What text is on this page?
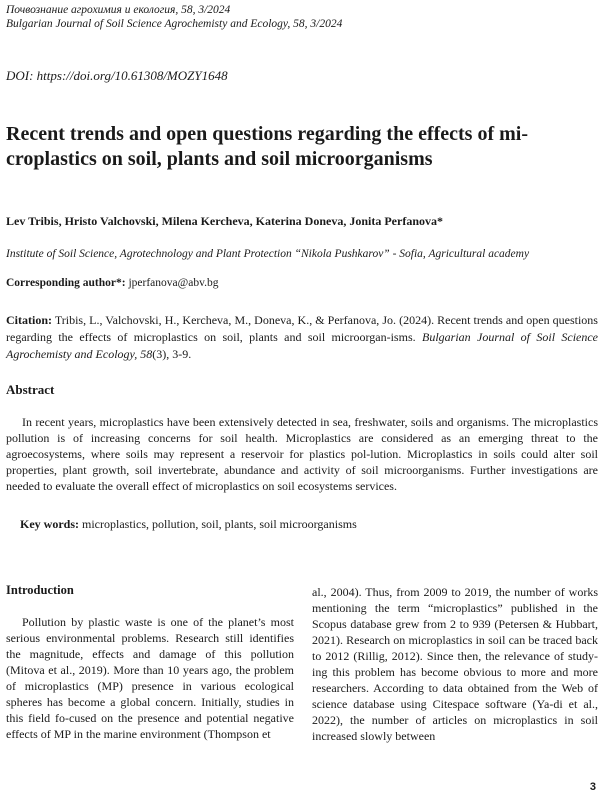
Почвознание агрохимия и екология, 58, 3/2024
Bulgarian Journal of Soil Science Agrochemisty and Ecology, 58, 3/2024
DOI: https://doi.org/10.61308/MOZY1648
Recent trends and open questions regarding the effects of mi-croplastics on soil, plants and soil microorganisms
Lev Tribis, Hristo Valchovski, Milena Kercheva, Katerina Doneva, Jonita Perfanova*
Institute of Soil Science, Agrotechnology and Plant Protection “Nikola Pushkarov” - Sofia, Agricultural academy
Corresponding author*: jperfanova@abv.bg
Citation: Tribis, L., Valchovski, H., Kercheva, M., Doneva, K., & Perfanova, Jo. (2024). Recent trends and open questions regarding the effects of microplastics on soil, plants and soil microorgan-isms. Bulgarian Journal of Soil Science Agrochemisty and Ecology, 58(3), 3-9.
Abstract

In recent years, microplastics have been extensively detected in sea, freshwater, soils and organisms. The microplastics pollution is of increasing concerns for soil health. Microplastics are considered as an emerging threat to the agroecosystems, where soils may represent a reservoir for plastics pol-lution. Microplastics in soils could alter soil properties, plant growth, soil invertebrate, abundance and activity of soil microorganisms. Further investigations are needed to evaluate the overall effect of microplastics on soil ecosystems services.

Key words: microplastics, pollution, soil, plants, soil microorganisms

Introduction

Pollution by plastic waste is one of the planet’s most serious environmental problems. Research still identifies the magnitude, effects and damage of this pollution (Mitova et al., 2019). More than 10 years ago, the problem of microplastics (MP) presence in various ecological spheres has become a global concern. Initially, studies in this field fo-cused on the presence and potential negative effects of MP in the marine environment (Thompson et

al., 2004). Thus, from 2009 to 2019, the number of works mentioning the term “microplastics” published in the Scopus database grew from 2 to 939 (Petersen & Hubbart, 2021). Research on microplastics in soil can be traced back to 2012 (Rillig, 2012). Since then, the relevance of study-ing this problem has become obvious to more and more researchers. According to data obtained from the Web of science database using Citespace software (Ya-di et al., 2022), the number of articles on microplastics in soil increased slowly between
3
